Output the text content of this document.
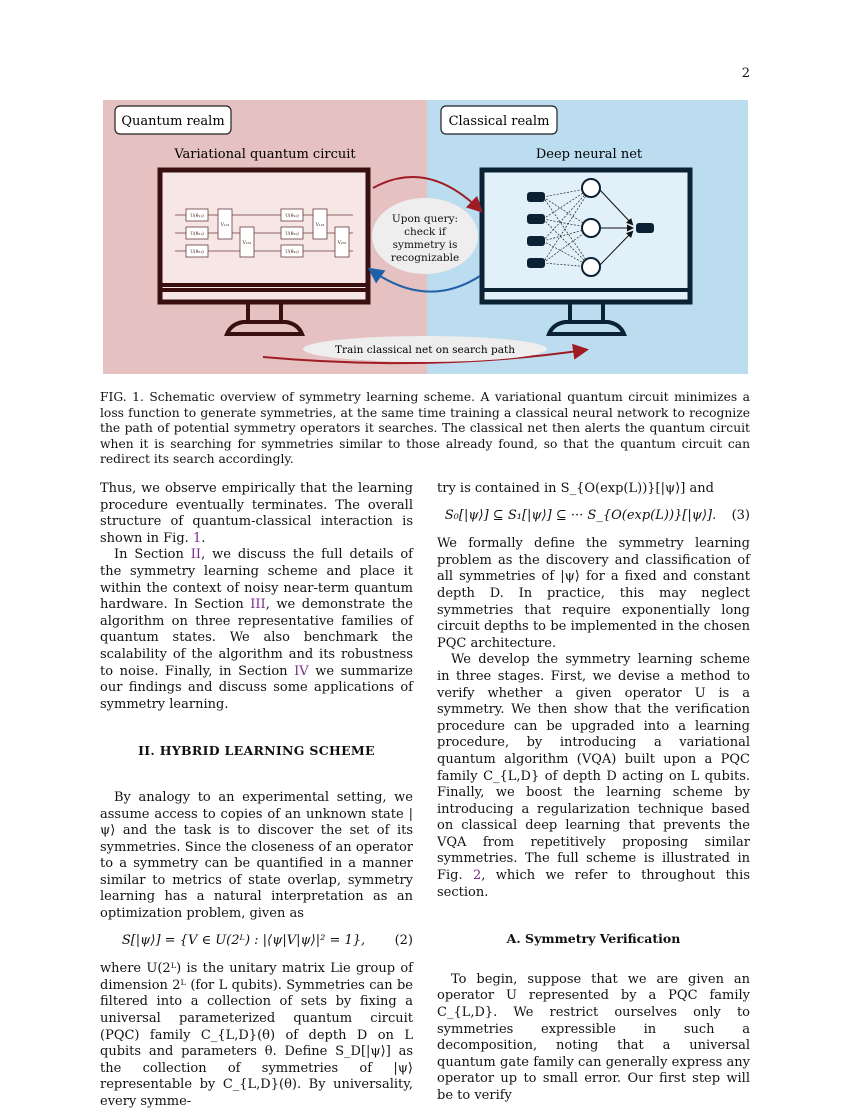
2
Quantum realm	Classical realm
Variational quantum circuit	Deep neural net
U(θ₁₁)
U(θ₂₁)
U(θ₃₁)
V₁₂₁
V₂₃₁
U(θ₁₂)
U(θ₂₂)
U(θ₃₂)
V₁₂₂
V₂₃₂
Upon query:
check if
symmetry is
recognizable
Train classical net on search path
FIG. 1. Schematic overview of symmetry learning scheme. A variational quantum circuit minimizes a loss function to generate symmetries, at the same time training a classical neural network to recognize the path of potential symmetry operators it searches. The classical net then alerts the quantum circuit when it is searching for symmetries similar to those already found, so that the quantum circuit can redirect its search accordingly.

Thus, we observe empirically that the learning procedure eventually terminates. The overall structure of quantum-classical interaction is shown in Fig. 1.

In Section II, we discuss the full details of the symmetry learning scheme and place it within the context of noisy near-term quantum hardware. In Section III, we demonstrate the algorithm on three representative families of quantum states. We also benchmark the scalability of the algorithm and its robustness to noise. Finally, in Section IV we summarize our findings and discuss some applications of symmetry learning.

II. HYBRID LEARNING SCHEME

By analogy to an experimental setting, we assume access to copies of an unknown state |ψ⟩ and the task is to discover the set of its symmetries. Since the closeness of an operator to a symmetry can be quantified in a manner similar to metrics of state overlap, symmetry learning has a natural interpretation as an optimization problem, given as

S[|ψ⟩] = {V ∈ U(2ᴸ) : |⟨ψ|V|ψ⟩|² = 1},	(2)

where U(2ᴸ) is the unitary matrix Lie group of dimension 2ᴸ (for L qubits). Symmetries can be filtered into a collection of sets by fixing a universal parameterized quantum circuit (PQC) family C_{L,D}(θ) of depth D on L qubits and parameters θ. Define S_D[|ψ⟩] as the collection of symmetries of |ψ⟩ representable by C_{L,D}(θ). By universality, every symme-

try is contained in S_{O(exp(L))}[|ψ⟩] and

S₀[|ψ⟩] ⊆ S₁[|ψ⟩] ⊆ ··· S_{O(exp(L))}[|ψ⟩].	(3)

We formally define the symmetry learning problem as the discovery and classification of all symmetries of |ψ⟩ for a fixed and constant depth D. In practice, this may neglect symmetries that require exponentially long circuit depths to be implemented in the chosen PQC architecture.

We develop the symmetry learning scheme in three stages. First, we devise a method to verify whether a given operator U is a symmetry. We then show that the verification procedure can be upgraded into a learning procedure, by introducing a variational quantum algorithm (VQA) built upon a PQC family C_{L,D} of depth D acting on L qubits. Finally, we boost the learning scheme by introducing a regularization technique based on classical deep learning that prevents the VQA from repetitively proposing similar symmetries. The full scheme is illustrated in Fig. 2, which we refer to throughout this section.

A. Symmetry Verification

To begin, suppose that we are given an operator U represented by a PQC family C_{L,D}. We restrict ourselves only to symmetries expressible in such a decomposition, noting that a universal quantum gate family can generally express any operator up to small error. Our first step will be to verify
